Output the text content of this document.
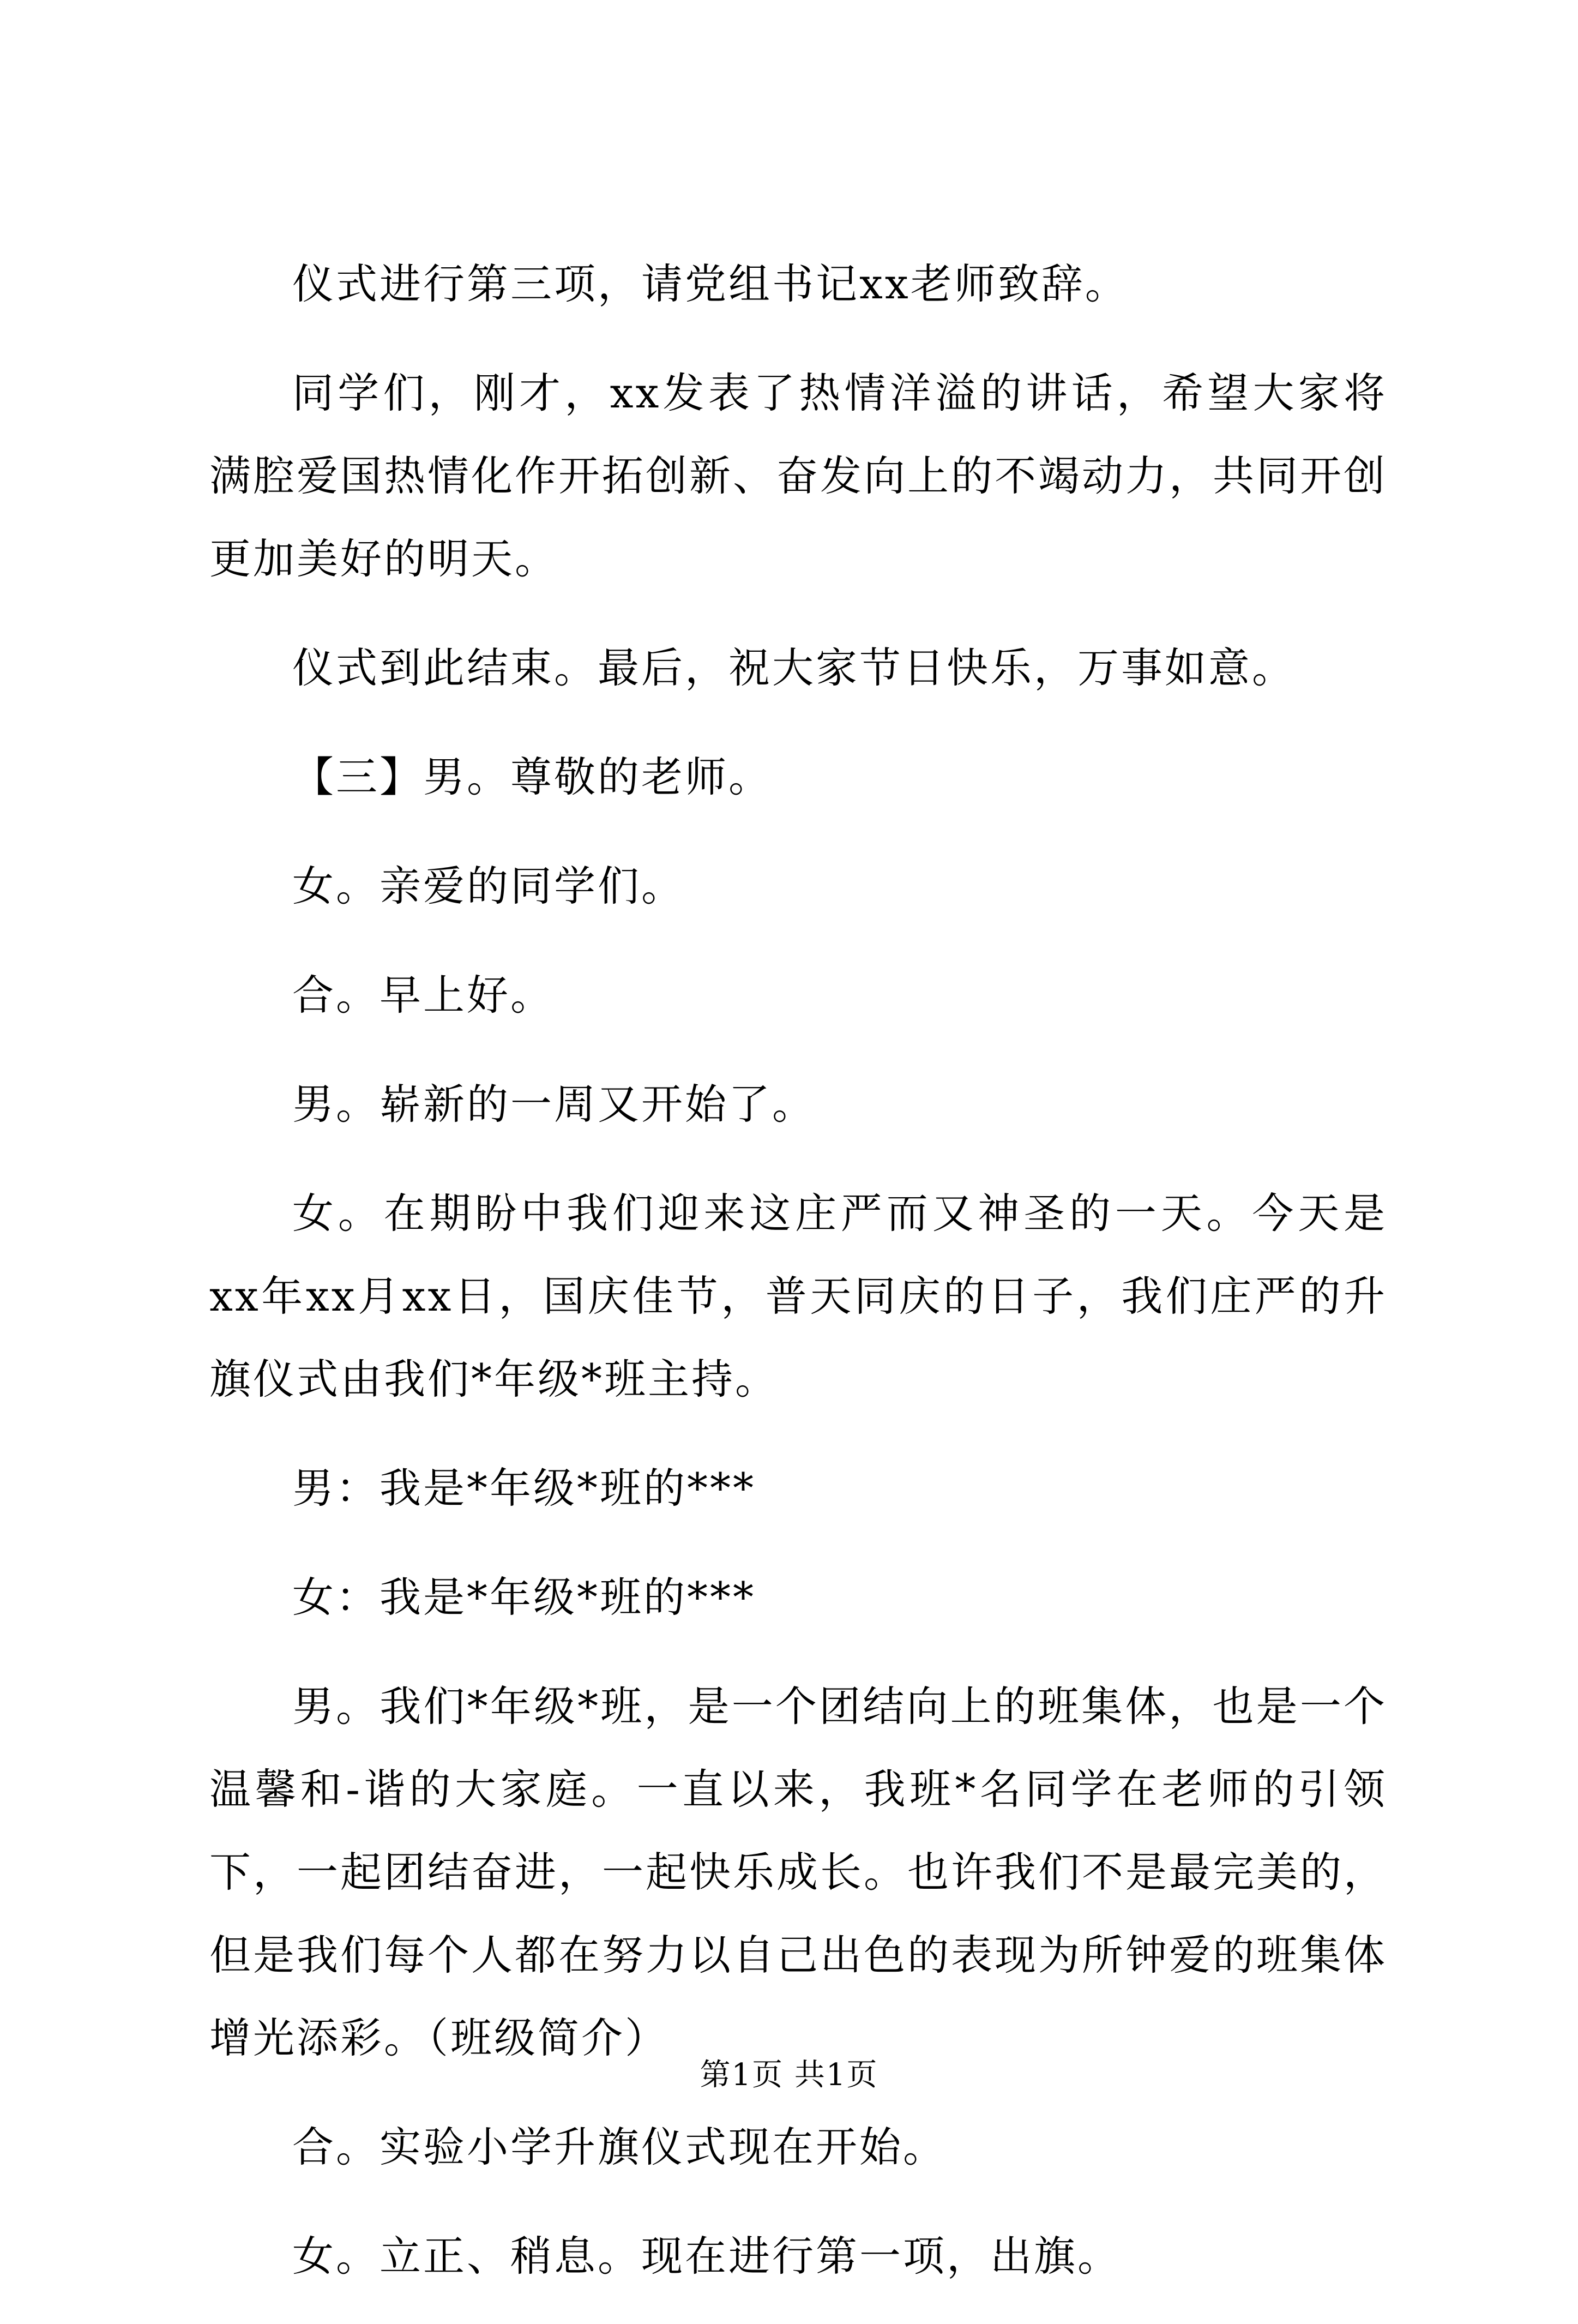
仪式进行第三项，请党组书记xx老师致辞。

同学们，刚才，xx发表了热情洋溢的讲话，希望大家将满腔爱国热情化作开拓创新、奋发向上的不竭动力，共同开创更加美好的明天。

仪式到此结束。最后，祝大家节日快乐，万事如意。

【三】男。尊敬的老师。

女。亲爱的同学们。

合。早上好。

男。崭新的一周又开始了。

女。在期盼中我们迎来这庄严而又神圣的一天。今天是xx年xx月xx日，国庆佳节，普天同庆的日子，我们庄严的升旗仪式由我们*年级*班主持。

男：我是*年级*班的***

女：我是*年级*班的***

男。我们*年级*班，是一个团结向上的班集体，也是一个温馨和-谐的大家庭。一直以来，我班*名同学在老师的引领下，一起团结奋进，一起快乐成长。也许我们不是最完美的，但是我们每个人都在努力以自己出色的表现为所钟爱的班集体增光添彩。（班级简介）

合。实验小学升旗仪式现在开始。

女。立正、稍息。现在进行第一项，出旗。

第1页 共1页
